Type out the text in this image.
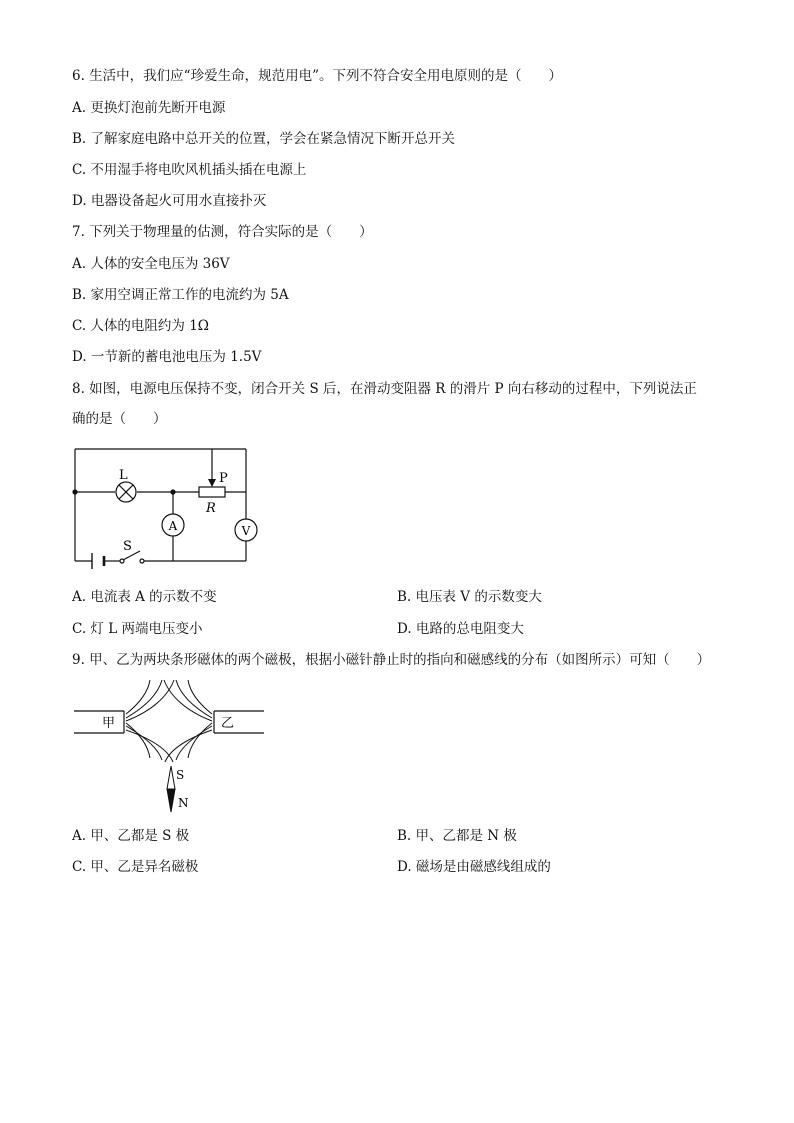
6. 生活中，我们应“珍爱生命，规范用电”。下列不符合安全用电原则的是（　　）
A. 更换灯泡前先断开电源
B. 了解家庭电路中总开关的位置，学会在紧急情况下断开总开关
C. 不用湿手将电吹风机插头插在电源上
D. 电器设备起火可用水直接扑灭
7. 下列关于物理量的估测，符合实际的是（　　）
A. 人体的安全电压为 36V
B. 家用空调正常工作的电流约为 5A
C. 人体的电阻约为 1Ω
D. 一节新的蓄电池电压为 1.5V
8. 如图，电源电压保持不变，闭合开关 S 后，在滑动变阻器 R 的滑片 P 向右移动的过程中，下列说法正
确的是（　　）
L	P
R
A	V
S
A. 电流表 A 的示数不变	B. 电压表 V 的示数变大
C. 灯 L 两端电压变小	D. 电路的总电阻变大
9. 甲、乙为两块条形磁体的两个磁极，根据小磁针静止时的指向和磁感线的分布（如图所示）可知（　　）
甲	乙
S
N
A. 甲、乙都是 S 极	B. 甲、乙都是 N 极
C. 甲、乙是异名磁极	D. 磁场是由磁感线组成的
